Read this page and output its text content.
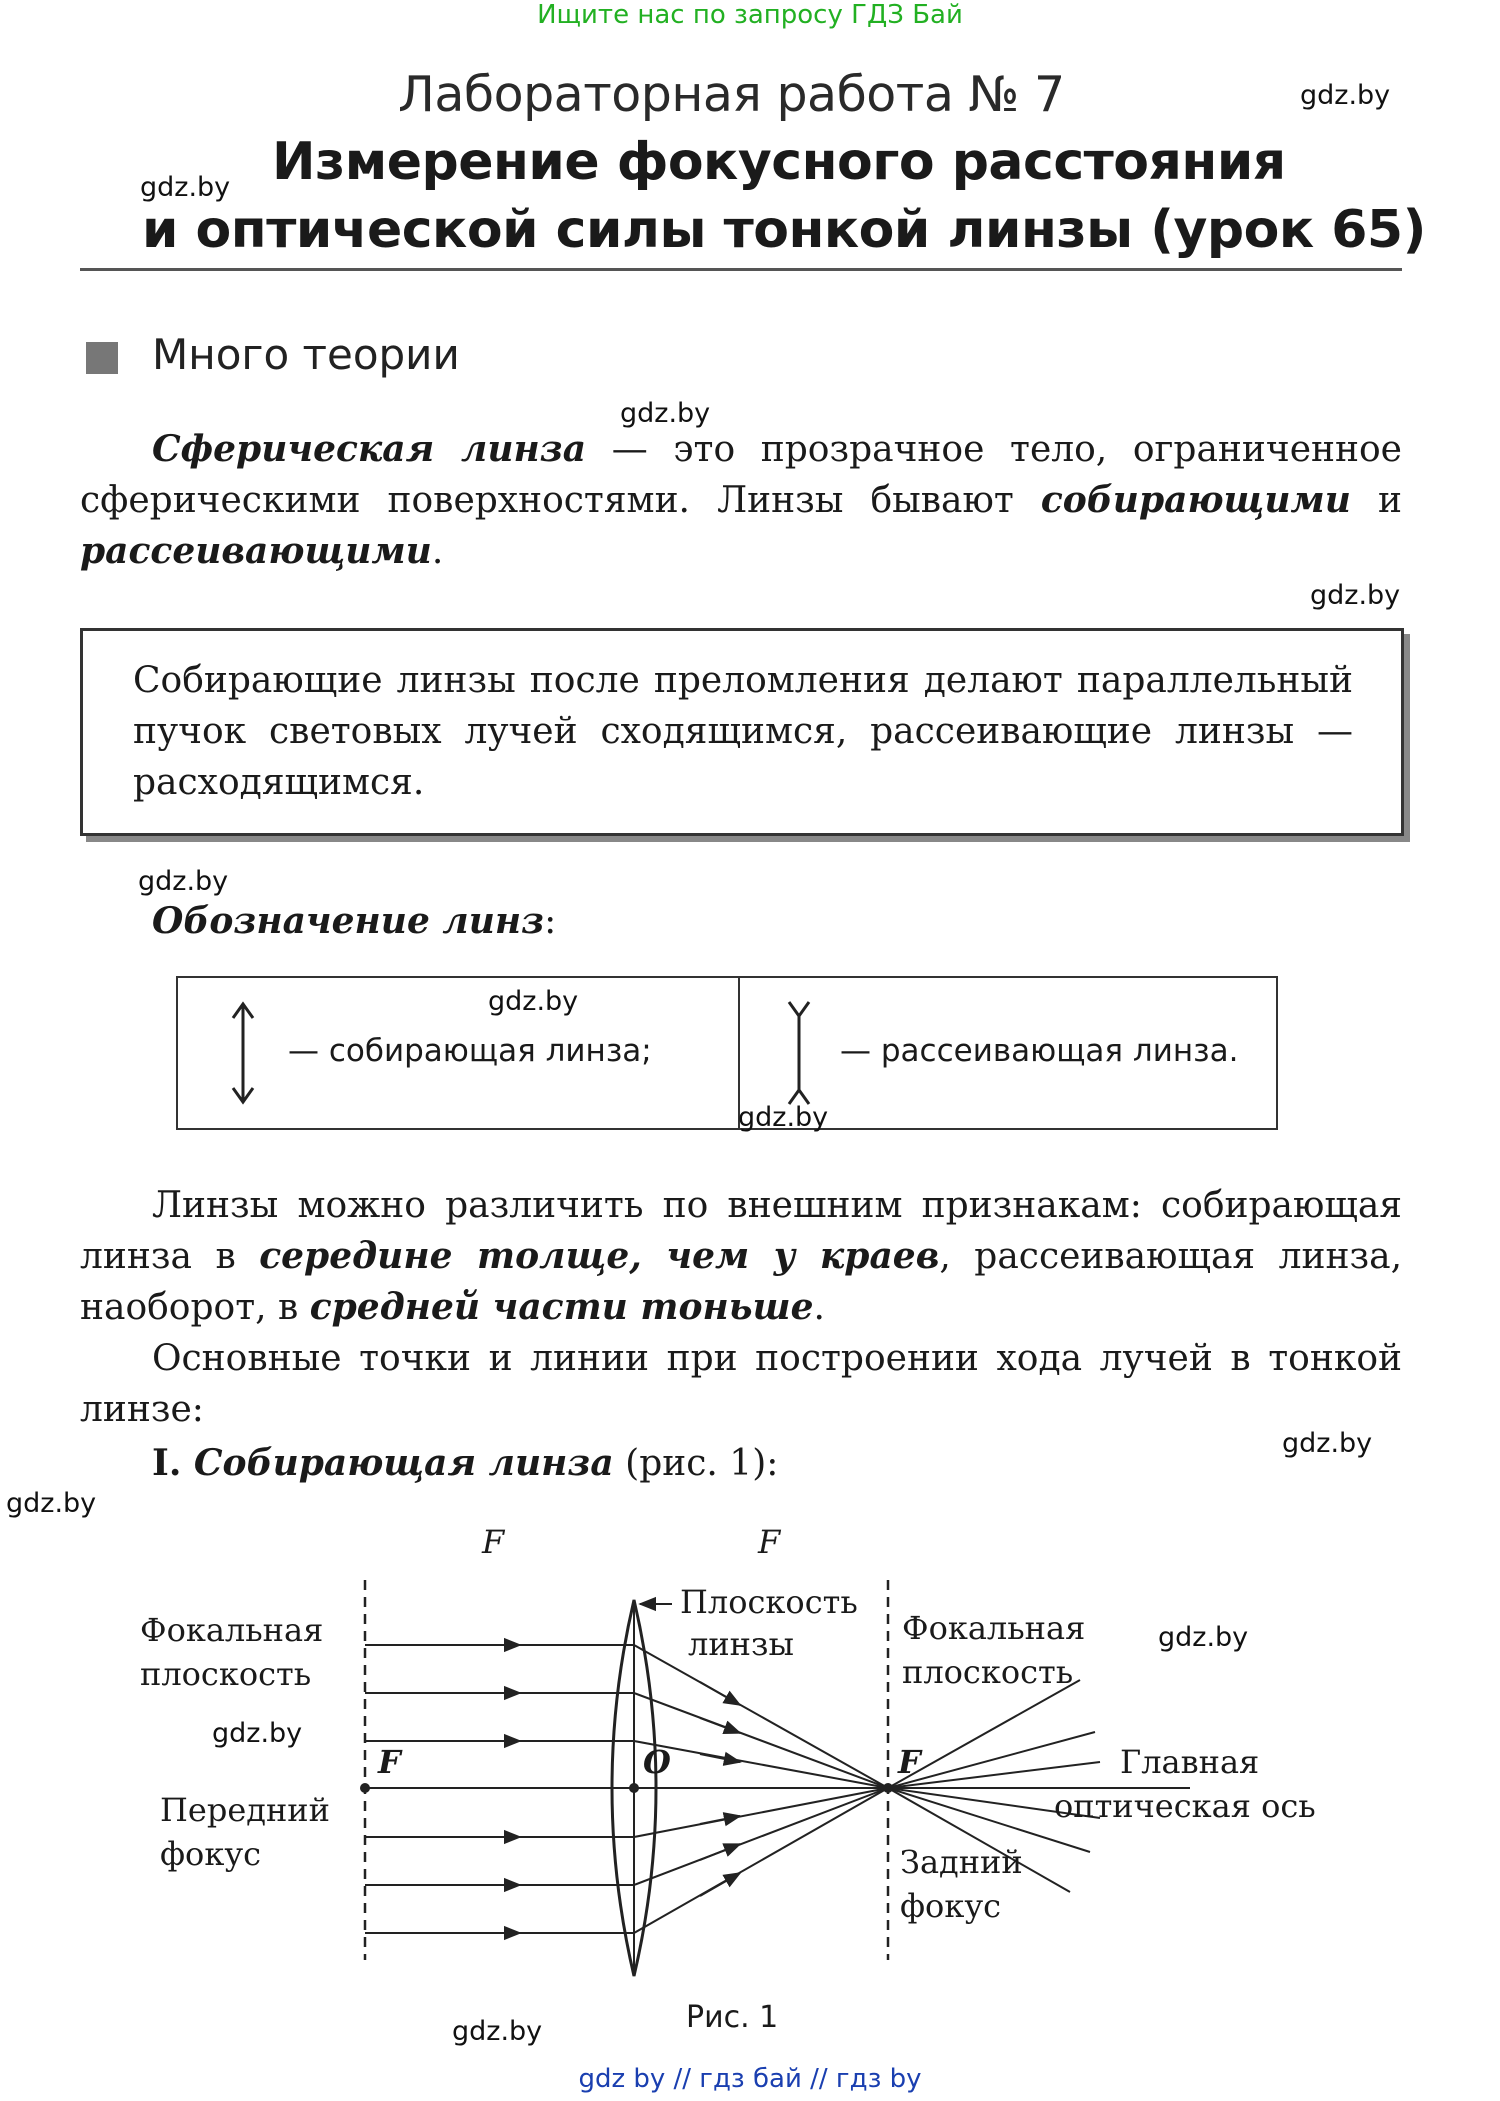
Ищите нас по запросу ГДЗ Бай
Лабораторная работа № 7
Измерение фокусного расстояния
и оптической силы тонкой линзы (урок 65)
Много теории
Сферическая линза — это прозрачное тело, ограниченное сферическими поверхностями. Линзы бывают собирающими и рассеивающими.
Собирающие линзы после преломления делают параллельный пучок световых лучей сходящимся, рассеивающие линзы — расходящимся.
Обозначение линз:
— собирающая линза;	— рассеивающая линза.
Линзы можно различить по внешним признакам: собирающая линза в середине толще, чем у краев, рассеивающая линза, наоборот, в средней части тоньше.
Основные точки и линии при построении хода лучей в тонкой линзе:
I. Собирающая линза (рис. 1):
F	F
Плоскость
линзы
Фокальная
плоскость
Фокальная
плоскость
F	O	F
Передний
фокус	Задний
фокус
Главная
оптическая ось
Рис. 1
gdz.by
gdz.by
gdz.by
gdz.by
gdz.by
gdz.by
gdz.by
gdz.by
gdz.by
gdz.by
gdz.by
gdz.by
gdz by // гдз бай // гдз by
